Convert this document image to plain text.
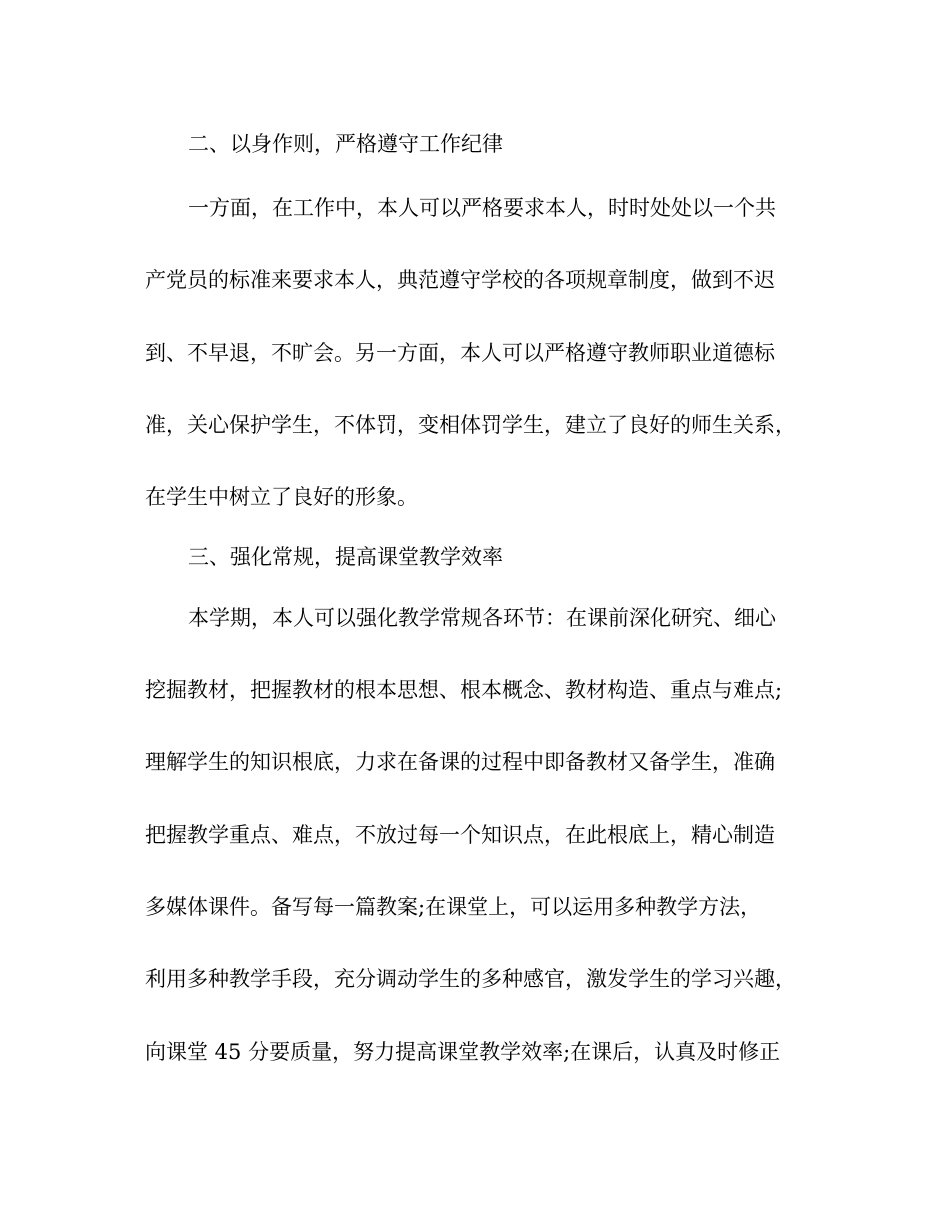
二、以身作则，严格遵守工作纪律
一方面，在工作中，本人可以严格要求本人，时时处处以一个共
产党员的标准来要求本人，典范遵守学校的各项规章制度，做到不迟
到、不早退，不旷会。另一方面，本人可以严格遵守教师职业道德标
准，关心保护学生，不体罚，变相体罚学生，建立了良好的师生关系，
在学生中树立了良好的形象。
三、强化常规，提高课堂教学效率
本学期，本人可以强化教学常规各环节：在课前深化研究、细心
挖掘教材，把握教材的根本思想、根本概念、教材构造、重点与难点;
理解学生的知识根底，力求在备课的过程中即备教材又备学生，准确
把握教学重点、难点，不放过每一个知识点，在此根底上，精心制造
多媒体课件。备写每一篇教案;在课堂上，可以运用多种教学方法，
利用多种教学手段，充分调动学生的多种感官，激发学生的学习兴趣，
向课堂 45 分要质量，努力提高课堂教学效率;在课后，认真及时修正
